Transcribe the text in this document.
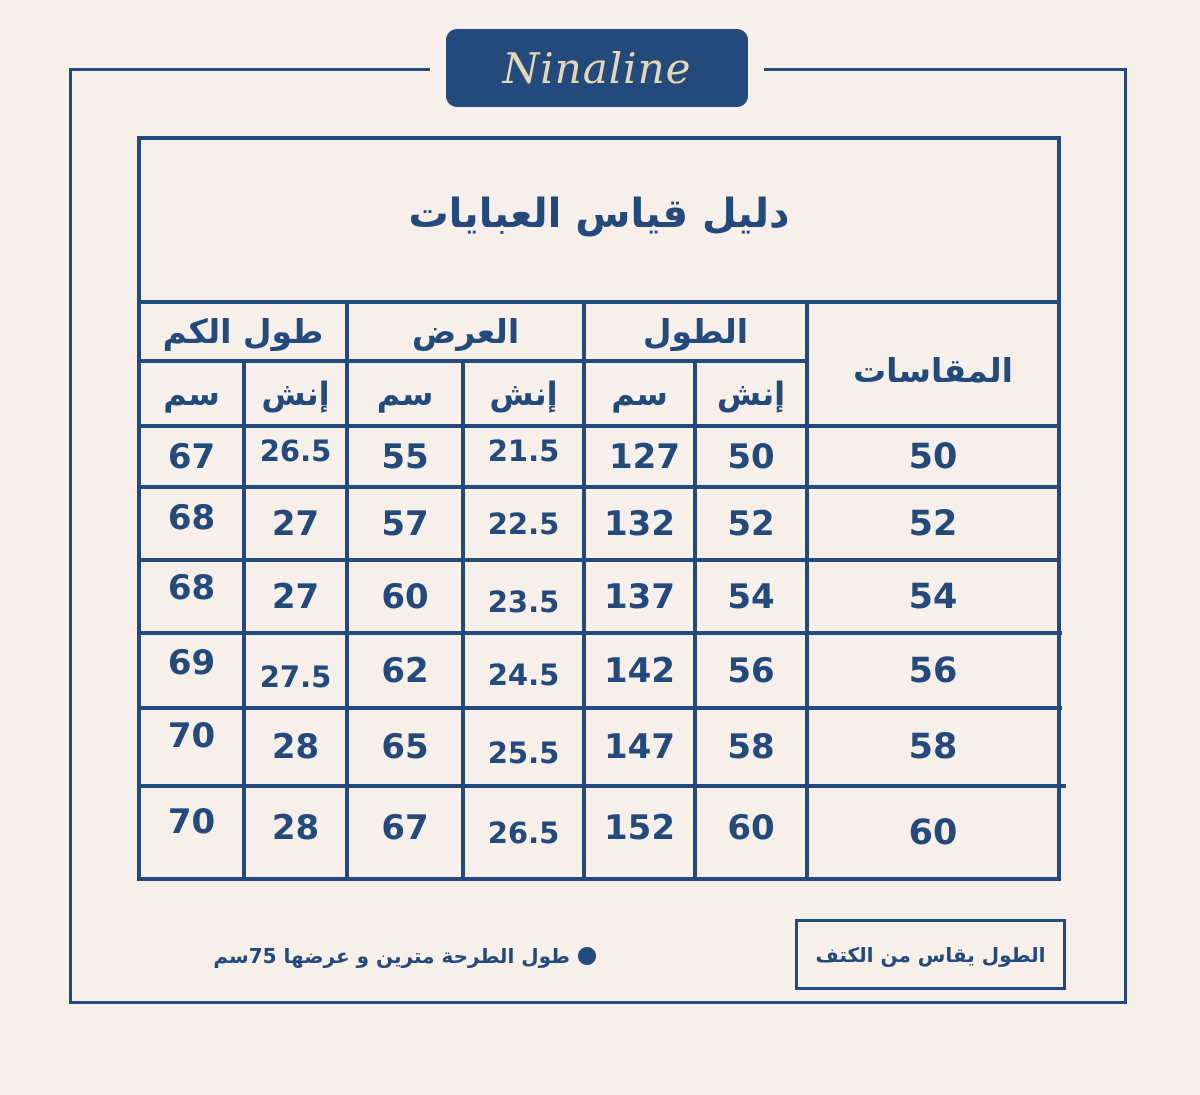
Ninaline
دليل قياس العبايات
المقاسات
الطول
العرض
طول الكم
إنش
سم
إنش
سم
إنش
سم
50
50
127
21.5
55
26.5
67
52
52
132
22.5
57
27
68
54
54
137
23.5
60
27
68
56
56
142
24.5
62
27.5
69
58
58
147
25.5
65
28
70
60
60
152
26.5
67
28
70
الطول يقاس من الكتف
طول الطرحة مترين و عرضها 75سم
